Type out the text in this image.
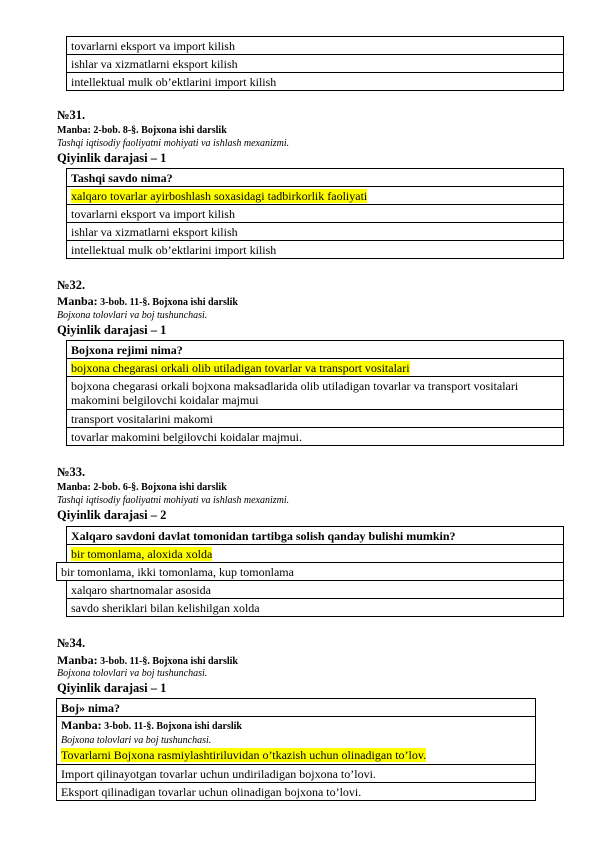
tovarlarni eksport va import kilish
ishlar va xizmatlarni eksport kilish
intellektual mulk ob’ektlarini import kilish
№31.
Manba: 2-bob. 8-§. Bojxona ishi darslik
Tashqi iqtisodiy faoliyatni mohiyati va ishlash mexanizmi.
Qiyinlik darajasi – 1
Tashqi savdo nima?
xalqaro tovarlar ayirboshlash soxasidagi tadbirkorlik faoliyati
tovarlarni eksport va import kilish
ishlar va xizmatlarni eksport kilish
intellektual mulk ob’ektlarini import kilish
№32.
Manba: 3-bob. 11-§. Bojxona ishi darslik
Bojxona tolovlari va boj tushunchasi.
Qiyinlik darajasi – 1
Bojxona rejimi nima?
bojxona chegarasi orkali olib utiladigan tovarlar va transport vositalari
bojxona chegarasi orkali bojxona maksadlarida olib utiladigan tovarlar va transport vositalari makomini belgilovchi koidalar majmui
transport vositalarini makomi
tovarlar makomini belgilovchi koidalar majmui.
№33.
Manba: 2-bob. 6-§. Bojxona ishi darslik
Tashqi iqtisodiy faoliyatni mohiyati va ishlash mexanizmi.
Qiyinlik darajasi – 2
Xalqaro savdoni davlat tomonidan tartibga solish qanday bulishi mumkin?
bir tomonlama, aloxida xolda
bir tomonlama, ikki tomonlama, kup tomonlama
xalqaro shartnomalar asosida
savdo sheriklari bilan kelishilgan xolda
№34.
Manba: 3-bob. 11-§. Bojxona ishi darslik
Bojxona tolovlari va boj tushunchasi.
Qiyinlik darajasi – 1
Boj» nima?

Manba: 3-bob. 11-§. Bojxona ishi darslik
Bojxona tolovlari va boj tushunchasi.
Tovarlarni Bojxona rasmiylashtiriluvidan o’tkazish uchun olinadigan to’lov.

Import qilinayotgan tovarlar uchun undiriladigan bojxona to’lovi.
Eksport qilinadigan tovarlar uchun olinadigan bojxona to’lovi.
